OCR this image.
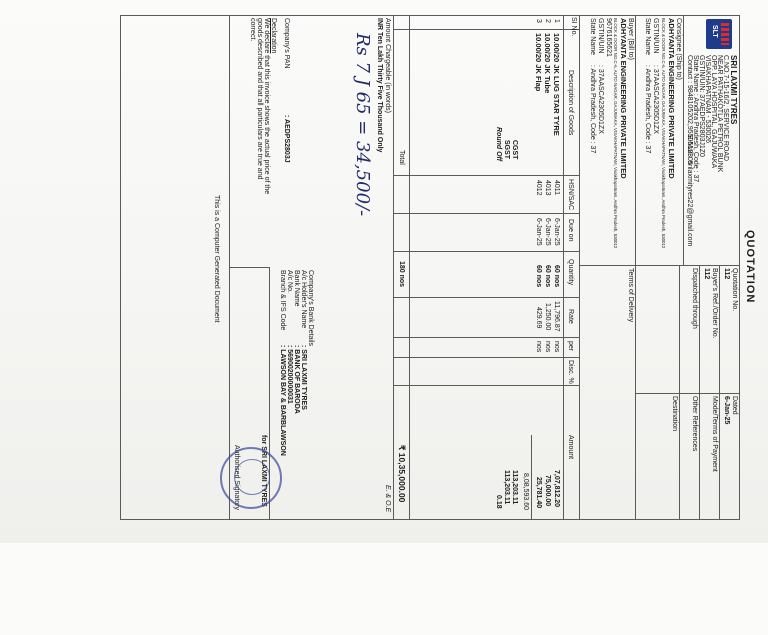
QUOTATION
SLT
SRI LAXMI TYRES
C.NO.7-15-16/2, SERVICE ROAD
NEAR PATHAKOTLA PETROL BUNK
OPP. LAYA HOSPITAL, GAJUWAKA
VISAKHAPATNAM - 530026
GSTIN/UIN: 37AEDPS2803J1Z0
State Name : Andhra Pradesh, Code : 37
Contact : 9848105202,9550512305
E-Mail : srilaxmityres22@gmail.com
Consignee (Ship to)
ADHYANTA ENGINEERING PRIVATE LIMITED
BLOCK & DOOR NO.C-6, AUTO NAGAR, GAJUWAKA, VISAKHAPATNAM, Visakhapatnam, Andhra Pradesh, 530012
GSTIN/UIN
: 37AASCA2305D1ZX
State Name
: Andhra Pradesh, Code : 37
Buyer (Bill to)
ADHYANTA ENGINEERING PRIVATE LIMITED
BLOCK & DOOR NO.C-6, AUTO NAGAR, GAJUWAKA, VISAKHAPATNAM, Visakhapatnam, Andhra Pradesh, 530012
9676165621
GSTIN/UIN
: 37AASCA2305D1ZX
State Name
: Andhra Pradesh, Code : 37
Quotation No.
112
Dated
6-Jan-25
Mode/Terms of Payment
Buyer's Ref./Order No.
112
Other References
Dispatched through
Destination
Terms of Delivery
SI No.
Description of Goods
HSN/SAC
Due on
Quantity
Rate
per
Disc. %
Amount
1
10.00/20 JK LUG STAR TYRE
4011
6-Jan-25
60 nos
11,796.87
nos
7,07,812.20
2
10.00/20 JK Tube
4013
6-Jan-25
60 nos
1,250.00
nos
75,000.00
3
10.00/20 JK Flap
4012
6-Jan-25
60 nos
429.69
nos
25,781.40
8,08,593.60
CGST
113,203.11
SGST
113,203.11
Round Off
0.18
Total
180 nos
₹ 10,35,000.00
E. & O.E
Amount Chargeable (in words)
INR Ten Lakh Thirty Five Thousand Only
Rs 7 J 65 = 34,500/-
Company's PAN
: AEDPS2803J
Declaration
We declare that this invoice shows the actual price of the
goods described and that all particulars are true and
correct.
Company's Bank Details
A/c Holder's Name
: SRI LAXMI TYRES
Bank Name
: BANK OF BARODA
A/c No.
: 56900200000031
Branch & IFS Code
: LAWSON BAY & BARBLAWSON
for SRI LAXMI TYRES
Authorised Signatory
This is a Computer Generated Document
